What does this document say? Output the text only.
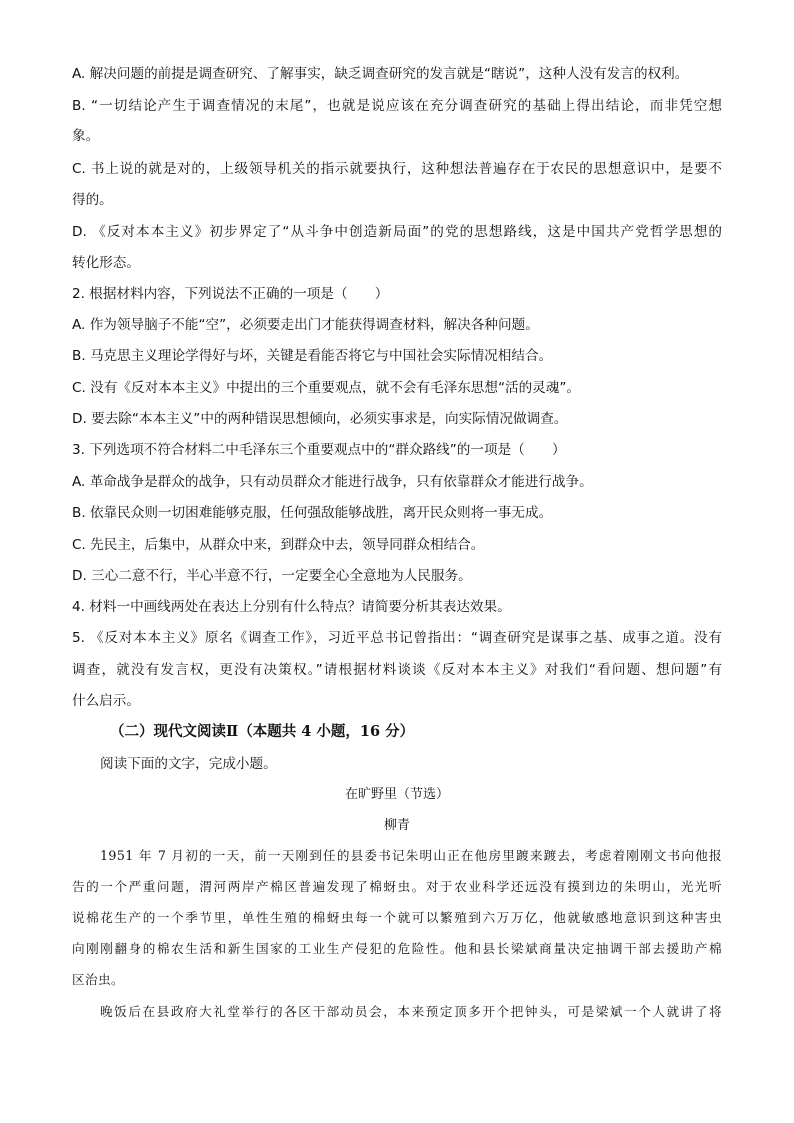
A. 解决问题的前提是调查研究、了解事实，缺乏调查研究的发言就是“瞎说”，这种人没有发言的权利。
B. “一切结论产生于调查情况的末尾”，也就是说应该在充分调查研究的基础上得出结论，而非凭空想
象。
C. 书上说的就是对的，上级领导机关的指示就要执行，这种想法普遍存在于农民的思想意识中，是要不
得的。
D. 《反对本本主义》初步界定了“从斗争中创造新局面”的党的思想路线，这是中国共产党哲学思想的
转化形态。
2. 根据材料内容，下列说法不正确的一项是（　　）
A. 作为领导脑子不能“空”，必须要走出门才能获得调查材料，解决各种问题。
B. 马克思主义理论学得好与坏，关键是看能否将它与中国社会实际情况相结合。
C. 没有《反对本本主义》中提出的三个重要观点，就不会有毛泽东思想“活的灵魂”。
D. 要去除“本本主义”中的两种错误思想倾向，必须实事求是，向实际情况做调查。
3. 下列选项不符合材料二中毛泽东三个重要观点中的“群众路线”的一项是（　　）
A. 革命战争是群众的战争，只有动员群众才能进行战争，只有依靠群众才能进行战争。
B. 依靠民众则一切困难能够克服，任何强敌能够战胜，离开民众则将一事无成。
C. 先民主，后集中，从群众中来，到群众中去，领导同群众相结合。
D. 三心二意不行，半心半意不行，一定要全心全意地为人民服务。
4. 材料一中画线两处在表达上分别有什么特点？请简要分析其表达效果。
5. 《反对本本主义》原名《调查工作》，习近平总书记曾指出：“调查研究是谋事之基、成事之道。没有
调查，就没有发言权，更没有决策权。”请根据材料谈谈《反对本本主义》对我们“看问题、想问题”有
什么启示。
（二）现代文阅读Ⅱ（本题共 4 小题，16 分）
阅读下面的文字，完成小题。
在旷野里（节选）
柳青
1951 年 7 月初的一天，前一天刚到任的县委书记朱明山正在他房里踱来踱去，考虑着刚刚文书向他报
告的一个严重问题，渭河两岸产棉区普遍发现了棉蚜虫。对于农业科学还远没有摸到边的朱明山，光光听
说棉花生产的一个季节里，单性生殖的棉蚜虫每一个就可以繁殖到六万万亿，他就敏感地意识到这种害虫
向刚刚翻身的棉农生活和新生国家的工业生产侵犯的危险性。他和县长梁斌商量决定抽调干部去援助产棉
区治虫。
晚饭后在县政府大礼堂举行的各区干部动员会，本来预定顶多开个把钟头，可是梁斌一个人就讲了将
